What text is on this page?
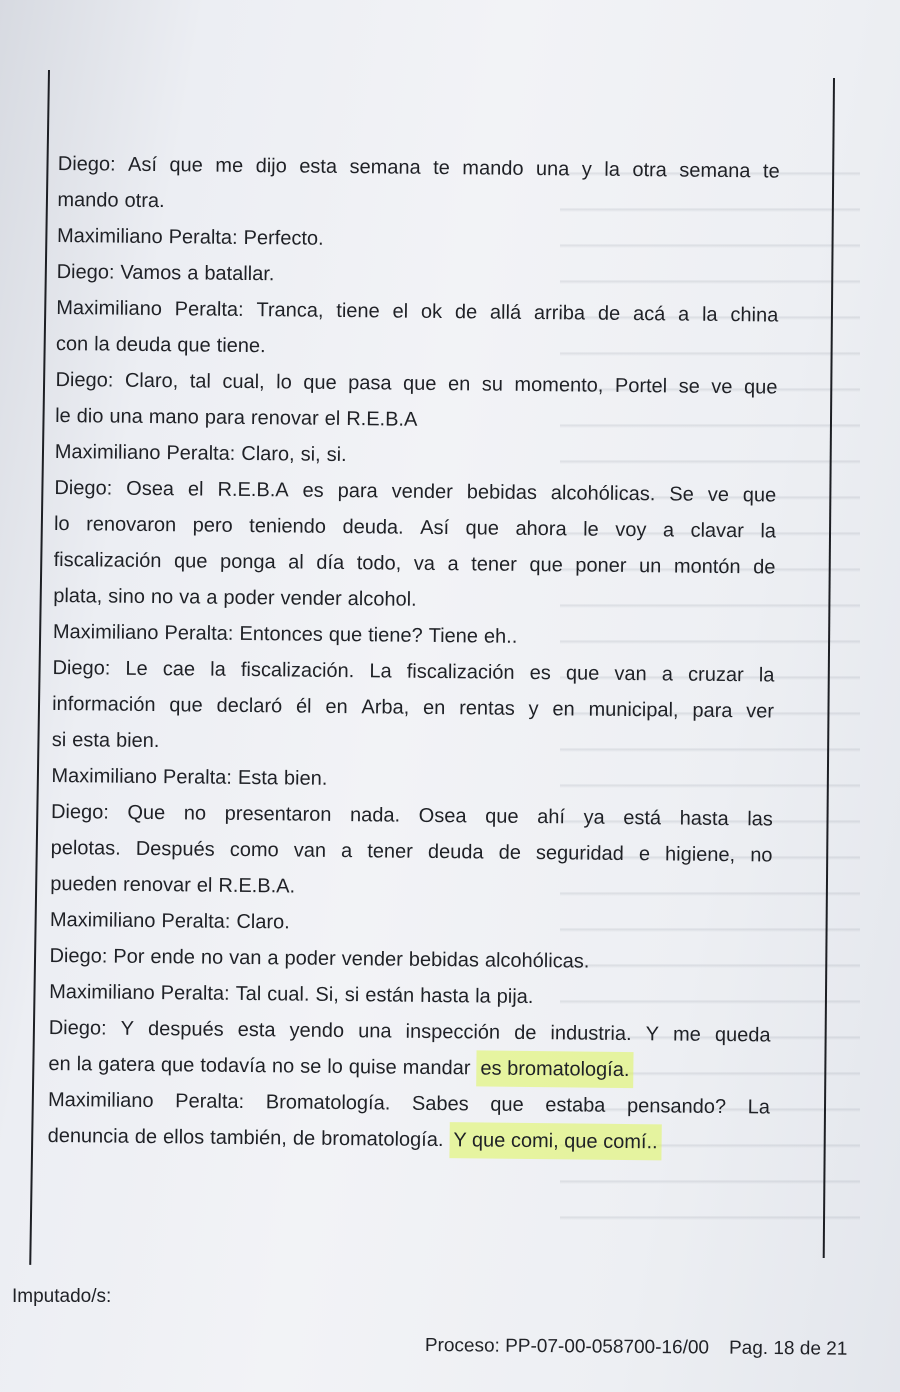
Diego: Así que me dijo esta semana te mando una y la otra semana te
mando otra.
Maximiliano Peralta: Perfecto.
Diego: Vamos a batallar.
Maximiliano Peralta: Tranca, tiene el ok de allá arriba de acá a la china
con la deuda que tiene.
Diego: Claro, tal cual, lo que pasa que en su momento, Portel se ve que
le dio una mano para renovar el R.E.B.A
Maximiliano Peralta: Claro, si, si.
Diego: Osea el R.E.B.A es para vender bebidas alcohólicas. Se ve que
lo renovaron pero teniendo deuda. Así que ahora le voy a clavar la
fiscalización que ponga al día todo, va a tener que poner un montón de
plata, sino no va a poder vender alcohol.
Maximiliano Peralta: Entonces que tiene? Tiene eh..
Diego: Le cae la fiscalización. La fiscalización es que van a cruzar la
información que declaró él en Arba, en rentas y en municipal, para ver
si esta bien.
Maximiliano Peralta: Esta bien.
Diego: Que no presentaron nada. Osea que ahí ya está hasta las
pelotas. Después como van a tener deuda de seguridad e higiene, no
pueden renovar el R.E.B.A.
Maximiliano Peralta: Claro.
Diego: Por ende no van a poder vender bebidas alcohólicas.
Maximiliano Peralta: Tal cual. Si, si están hasta la pija.
Diego: Y después esta yendo una inspección de industria. Y me queda
en la gatera que todavía no se lo quise mandar es bromatología.
Maximiliano Peralta: Bromatología. Sabes que estaba pensando? La
denuncia de ellos también, de bromatología. Y que comi, que comí..
Imputado/s:
Proceso: PP-07-00-058700-16/00 Pag. 18 de 21
